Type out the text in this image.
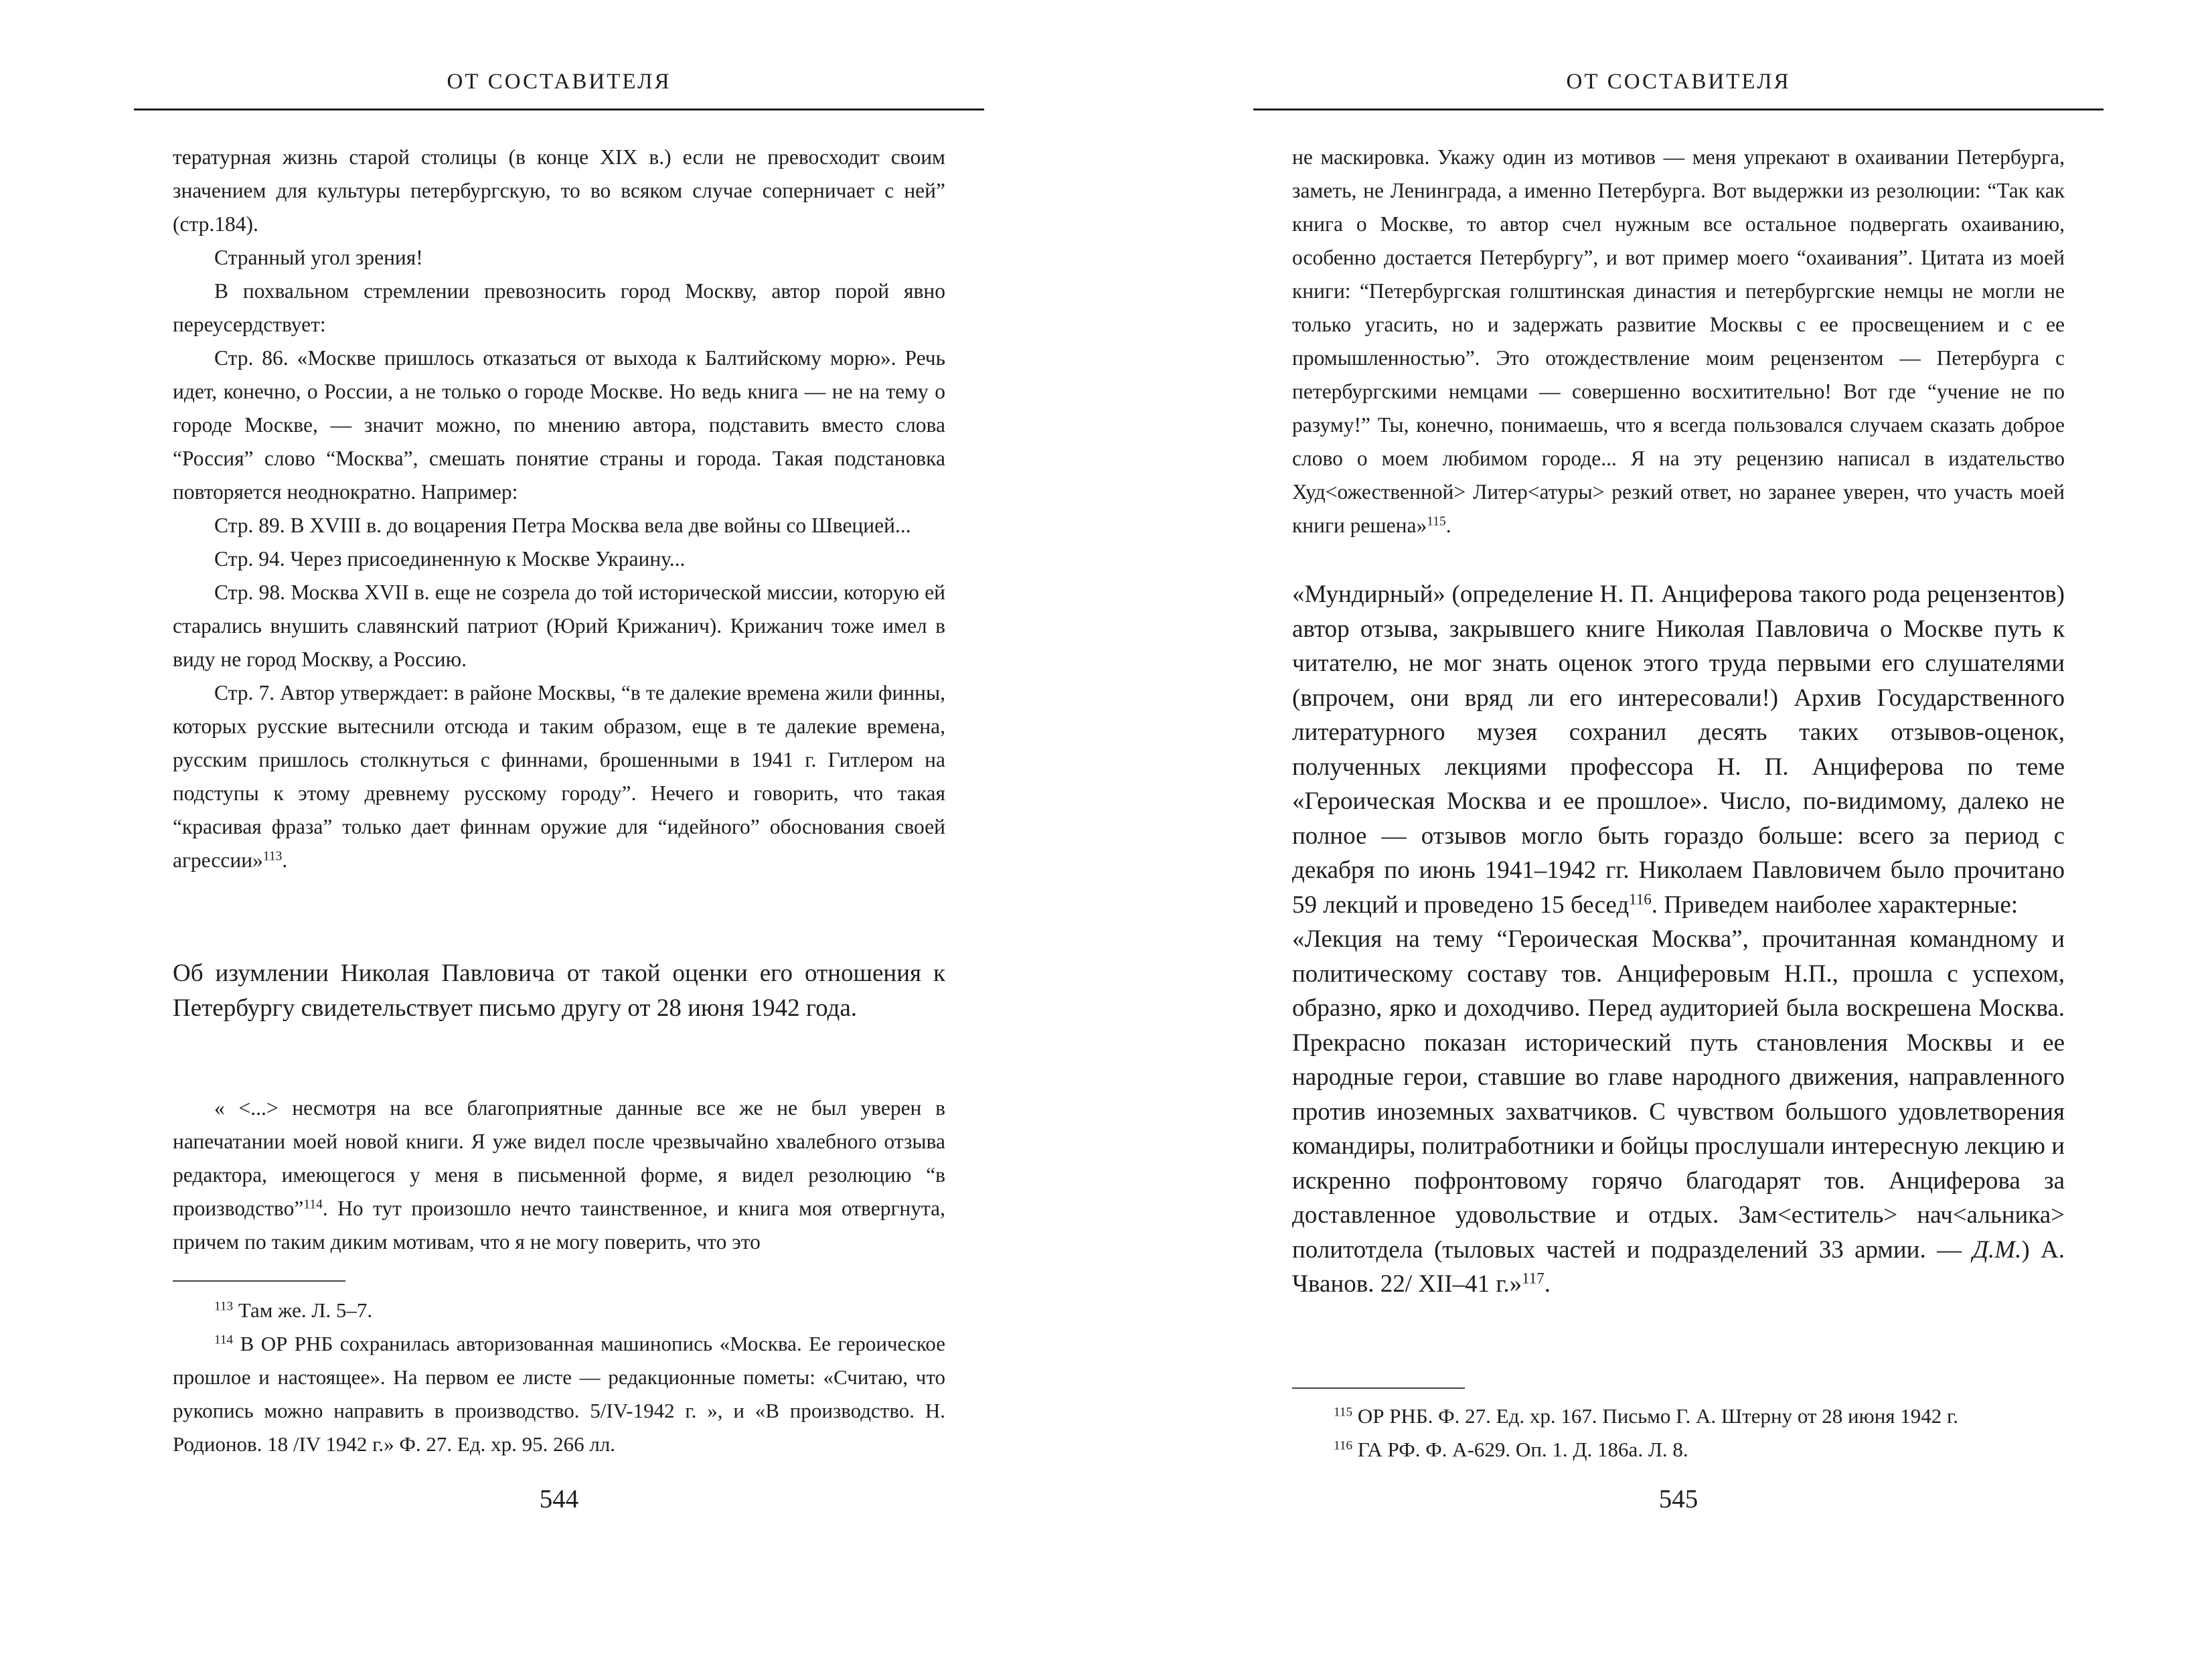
ОТ СОСТАВИТЕЛЯ

тературная жизнь старой столицы (в конце XIX в.) если не превосходит своим значением для культуры петербургскую, то во всяком случае соперничает с ней” (стр.184).

Странный угол зрения!

В похвальном стремлении превозносить город Москву, автор порой явно переусердствует:

Стр. 86. «Москве пришлось отказаться от выхода к Балтийскому морю». Речь идет, конечно, о России, а не только о городе Москве. Но ведь книга — не на тему о городе Москве, — значит можно, по мнению автора, подставить вместо слова “Россия” слово “Москва”, смешать понятие страны и города. Такая подстановка повторяется неоднократно. Например:

Стр. 89. В XVIII в. до воцарения Петра Москва вела две войны со Швецией...

Стр. 94. Через присоединенную к Москве Украину...

Стр. 98. Москва XVII в. еще не созрела до той исторической миссии, которую ей старались внушить славянский патриот (Юрий Крижанич). Крижанич тоже имел в виду не город Москву, а Россию.

Стр. 7. Автор утверждает: в районе Москвы, “в те далекие времена жили финны, которых русские вытеснили отсюда и таким образом, еще в те далекие времена, русским пришлось столкнуться с финнами, брошенными в 1941 г. Гитлером на подступы к этому древнему русскому городу”. Нечего и говорить, что такая “красивая фраза” только дает финнам оружие для “идейного” обоснования своей агрессии»$^{113}$.

Об изумлении Николая Павловича от такой оценки его отношения к Петербургу свидетельствует письмо другу от 28 июня 1942 года.

« <...> несмотря на все благоприятные данные все же не был уверен в напечатании моей новой книги. Я уже видел после чрезвычайно хвалебного отзыва редактора, имеющегося у меня в письменной форме, я видел резолюцию “в производство”$^{114}$. Но тут произошло нечто таинственное, и книга моя отвергнута, причем по таким диким мотивам, что я не могу поверить, что это

$^{113}$ Там же. Л. 5–7.

$^{114}$ В ОР РНБ сохранилась авторизованная машинопись «Москва. Ее героическое прошлое и настоящее». На первом ее листе — редакционные пометы: «Считаю, что рукопись можно направить в производство. 5/IV-1942 г. », и «В производство. Н. Родионов. 18 /IV 1942 г.» Ф. 27. Ед. хр. 95. 266 лл.

544
ОТ СОСТАВИТЕЛЯ

не маскировка. Укажу один из мотивов — меня упрекают в охаивании Петербурга, заметь, не Ленинграда, а именно Петербурга. Вот выдержки из резолюции: “Так как книга о Москве, то автор счел нужным все остальное подвергать охаиванию, особенно достается Петербургу”, и вот пример моего “охаивания”. Цитата из моей книги: “Петербургская голштинская династия и петербургские немцы не могли не только угасить, но и задержать развитие Москвы с ее просвещением и с ее промышленностью”. Это отождествление моим рецензентом — Петербурга с петербургскими немцами — совершенно восхитительно! Вот где “учение не по разуму!” Ты, конечно, понимаешь, что я всегда пользовался случаем сказать доброе слово о моем любимом городе... Я на эту рецензию написал в издательство Худ<ожественной> Литер<атуры> резкий ответ, но заранее уверен, что участь моей книги решена»$^{115}$.

«Мундирный» (определение Н. П. Анциферова такого рода рецензентов) автор отзыва, закрывшего книге Николая Павловича о Москве путь к читателю, не мог знать оценок этого труда первыми его слушателями (впрочем, они вряд ли его интересовали!) Архив Государственного литературного музея сохранил десять таких отзывов-оценок, полученных лекциями профессора Н. П. Анциферова по теме «Героическая Москва и ее прошлое». Число, по-видимому, далеко не полное — отзывов могло быть гораздо больше: всего за период с декабря по июнь 1941–1942 гг. Николаем Павловичем было прочитано 59 лекций и проведено 15 бесед$^{116}$. Приведем наиболее характерные:

«Лекция на тему “Героическая Москва”, прочитанная командному и политическому составу тов. Анциферовым Н.П., прошла с успехом, образно, ярко и доходчиво. Перед аудиторией была воскрешена Москва. Прекрасно показан исторический путь становления Москвы и ее народные герои, ставшие во главе народного движения, направленного против иноземных захватчиков. С чувством большого удовлетворения командиры, политработники и бойцы прослушали интересную лекцию и искренно пофронтовому горячо благодарят тов. Анциферова за доставленное удовольствие и отдых. Зам<еститель> нач<альника> политотдела (тыловых частей и подразделений 33 армии. — Д.М.) А. Чванов. 22/ XII–41 г.»$^{117}$.

$^{115}$ ОР РНБ. Ф. 27. Ед. хр. 167. Письмо Г. А. Штерну от 28 июня 1942 г.

$^{116}$ ГА РФ. Ф. А-629. Оп. 1. Д. 186а. Л. 8.

545
